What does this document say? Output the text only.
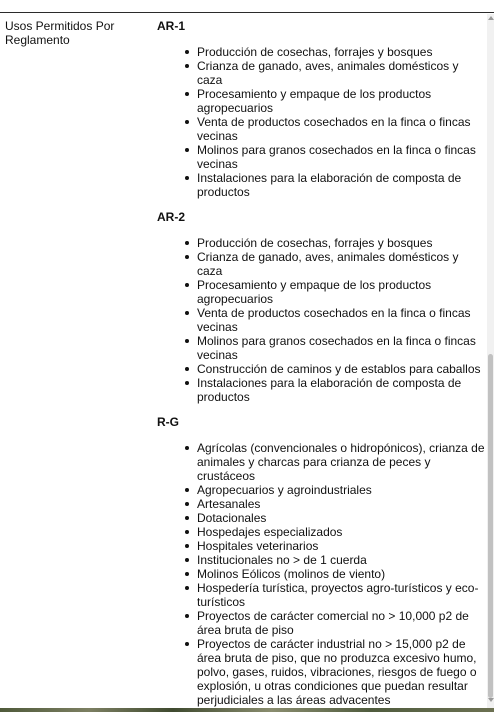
Usos Permitidos Por Reglamento
AR-1
Producción de cosechas, forrajes y bosques
Crianza de ganado, aves, animales domésticos y caza
Procesamiento y empaque de los productos agropecuarios
Venta de productos cosechados en la finca o fincas vecinas
Molinos para granos cosechados en la finca o fincas vecinas
Instalaciones para la elaboración de composta de productos
AR-2
Producción de cosechas, forrajes y bosques
Crianza de ganado, aves, animales domésticos y caza
Procesamiento y empaque de los productos agropecuarios
Venta de productos cosechados en la finca o fincas vecinas
Molinos para granos cosechados en la finca o fincas vecinas
Construcción de caminos y de establos para caballos
Instalaciones para la elaboración de composta de productos
R-G
Agrícolas (convencionales o hidropónicos), crianza de animales y charcas para crianza de peces y crustáceos
Agropecuarios y agroindustriales
Artesanales
Dotacionales
Hospedajes especializados
Hospitales veterinarios
Institucionales no > de 1 cuerda
Molinos Eólicos (molinos de viento)
Hospedería turística, proyectos agro-turísticos y eco-turísticos
Proyectos de carácter comercial no > 10,000 p2 de área bruta de piso
Proyectos de carácter industrial no > 15,000 p2 de área bruta de piso, que no produzca excesivo humo, polvo, gases, ruidos, vibraciones, riesgos de fuego o explosión, u otras condiciones que puedan resultar perjudiciales a las áreas advacentes
